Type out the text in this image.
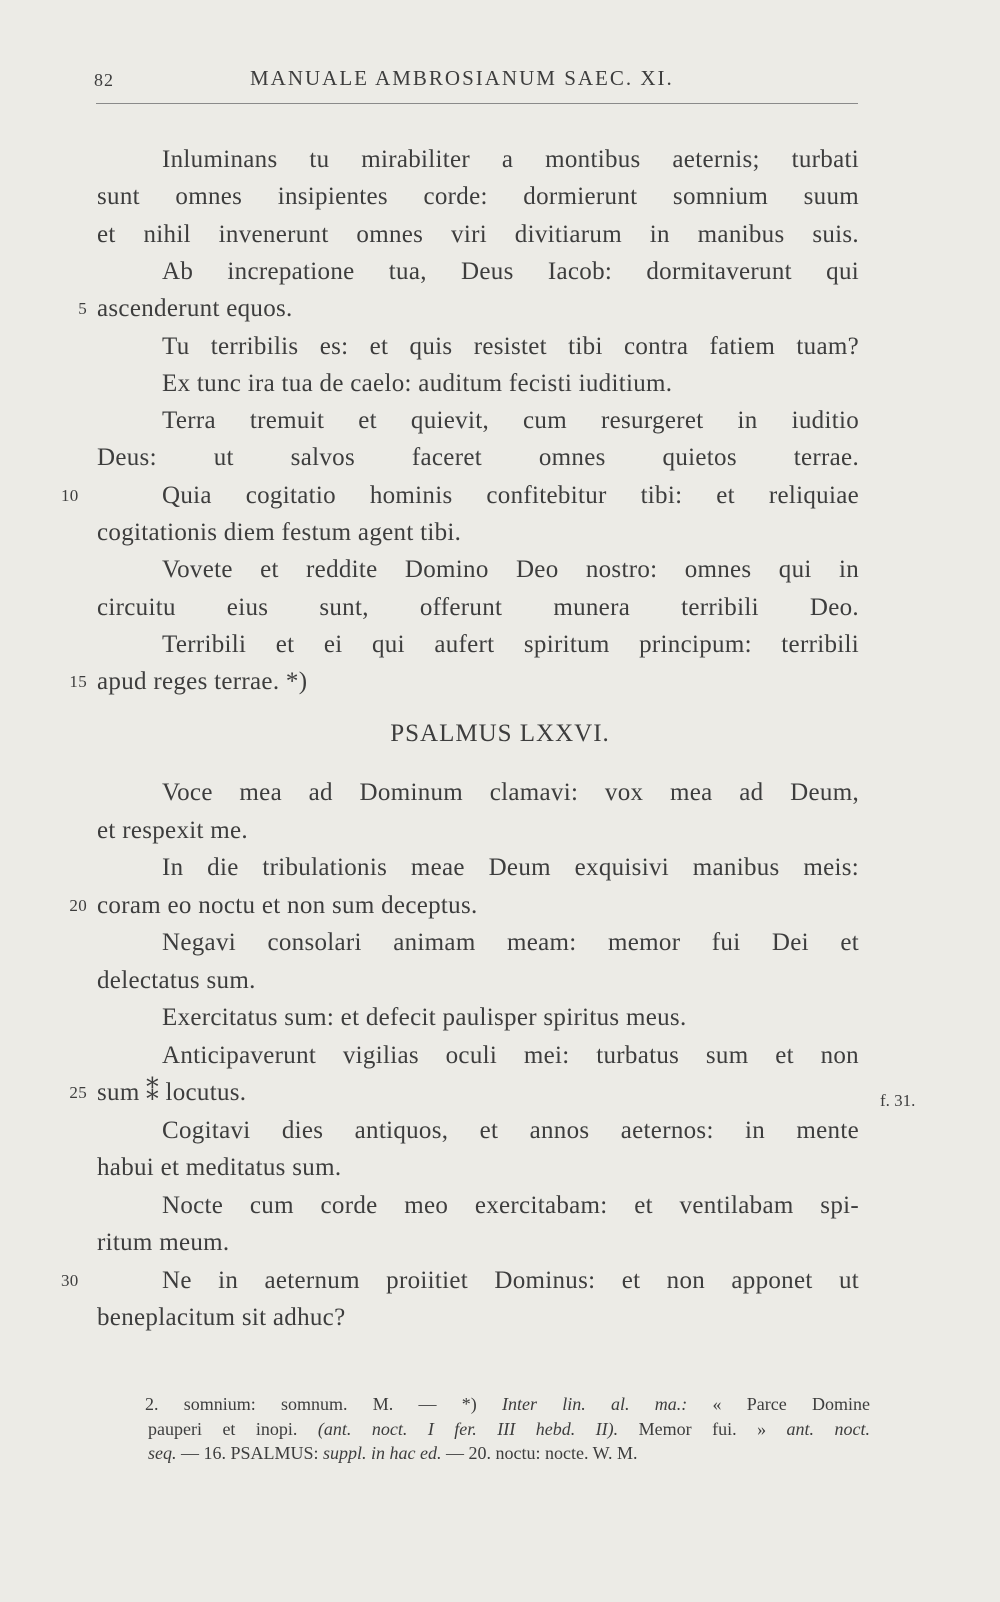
82	MANUALE AMBROSIANUM SAEC. XI.
Inluminans tu mirabiliter a montibus aeternis; turbati
sunt omnes insipientes corde: dormierunt somnium suum
et nihil invenerunt omnes viri divitiarum in manibus suis.
Ab increpatione tua, Deus Iacob: dormitaverunt qui
ascenderunt equos.
5
Tu terribilis es: et quis resistet tibi contra fatiem tuam?
Ex tunc ira tua de caelo: auditum fecisti iuditium.
Terra tremuit et quievit, cum resurgeret in iuditio
Deus: ut salvos faceret omnes quietos terrae.
Quia cogitatio hominis confitebitur tibi: et reliquiae
10
cogitationis diem festum agent tibi.
Vovete et reddite Domino Deo nostro: omnes qui in
circuitu eius sunt, offerunt munera terribili Deo.
Terribili et ei qui aufert spiritum principum: terribili
apud reges terrae. *)
15
PSALMUS LXXVI.
Voce mea ad Dominum clamavi: vox mea ad Deum,
et respexit me.
In die tribulationis meae Deum exquisivi manibus meis:
coram eo noctu et non sum deceptus.
20
Negavi consolari animam meam: memor fui Dei et
delectatus sum.
Exercitatus sum: et defecit paulisper spiritus meus.
Anticipaverunt vigilias oculi mei: turbatus sum et non
sum ⁑ locutus.
25
Cogitavi dies antiquos, et annos aeternos: in mente
habui et meditatus sum.
Nocte cum corde meo exercitabam: et ventilabam spi-
ritum meum.
Ne in aeternum proiitiet Dominus: et non apponet ut
30
beneplacitum sit adhuc?
f. 31.
2. somnium: somnum. M. — *) Inter lin. al. ma.: « Parce Domine
pauperi et inopi. (ant. noct. I fer. III hebd. II). Memor fui. » ant. noct.
seq. — 16. PSALMUS: suppl. in hac ed. — 20. noctu: nocte. W. M.
